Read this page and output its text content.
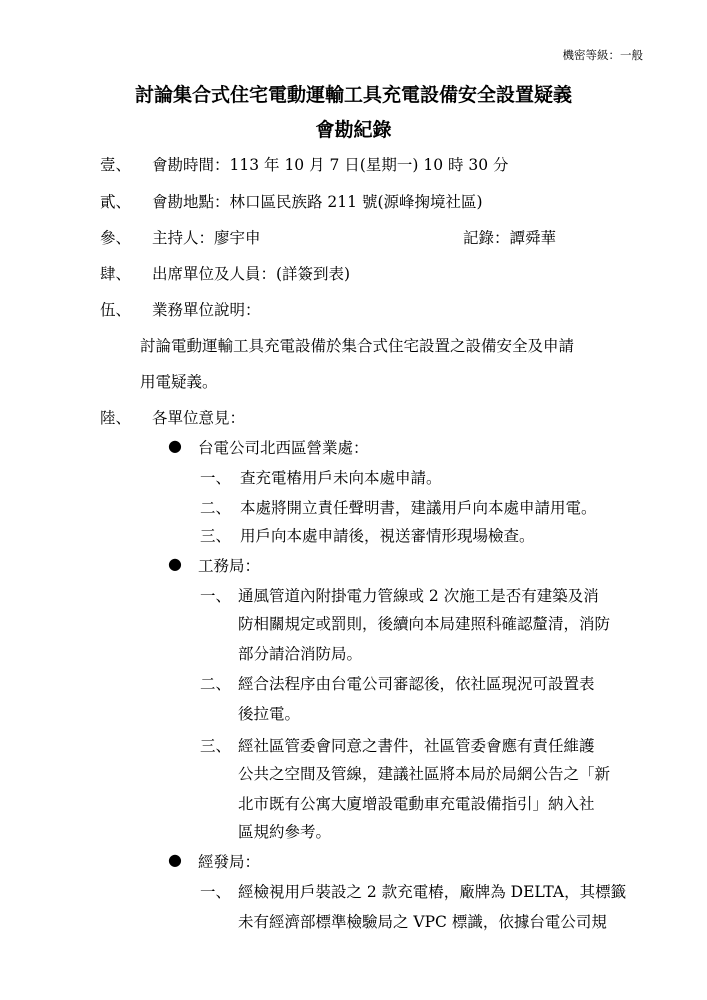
機密等級：一般
討論集合式住宅電動運輸工具充電設備安全設置疑義
會勘紀錄
壹、 會勘時間：113 年 10 月 7 日(星期一) 10 時 30 分
貳、 會勘地點：林口區民族路 211 號(源峰掬境社區)
參、 主持人：廖宇申	記錄：譚舜華
肆、 出席單位及人員：(詳簽到表)
伍、 業務單位說明：
討論電動運輸工具充電設備於集合式住宅設置之設備安全及申請
用電疑義。
陸、 各單位意見：
● 台電公司北西區營業處：
一、 查充電樁用戶未向本處申請。
二、 本處將開立責任聲明書，建議用戶向本處申請用電。
三、 用戶向本處申請後，視送審情形現場檢查。
● 工務局：
一、 通風管道內附掛電力管線或 2 次施工是否有建築及消
防相關規定或罰則，後續向本局建照科確認釐清，消防
部分請洽消防局。
二、 經合法程序由台電公司審認後，依社區現況可設置表
後拉電。
三、 經社區管委會同意之書件，社區管委會應有責任維護
公共之空間及管線，建議社區將本局於局網公告之「新
北市既有公寓大廈增設電動車充電設備指引」納入社
區規約參考。
● 經發局：
一、 經檢視用戶裝設之 2 款充電樁，廠牌為 DELTA，其標籤
未有經濟部標準檢驗局之 VPC 標識，依據台電公司規
